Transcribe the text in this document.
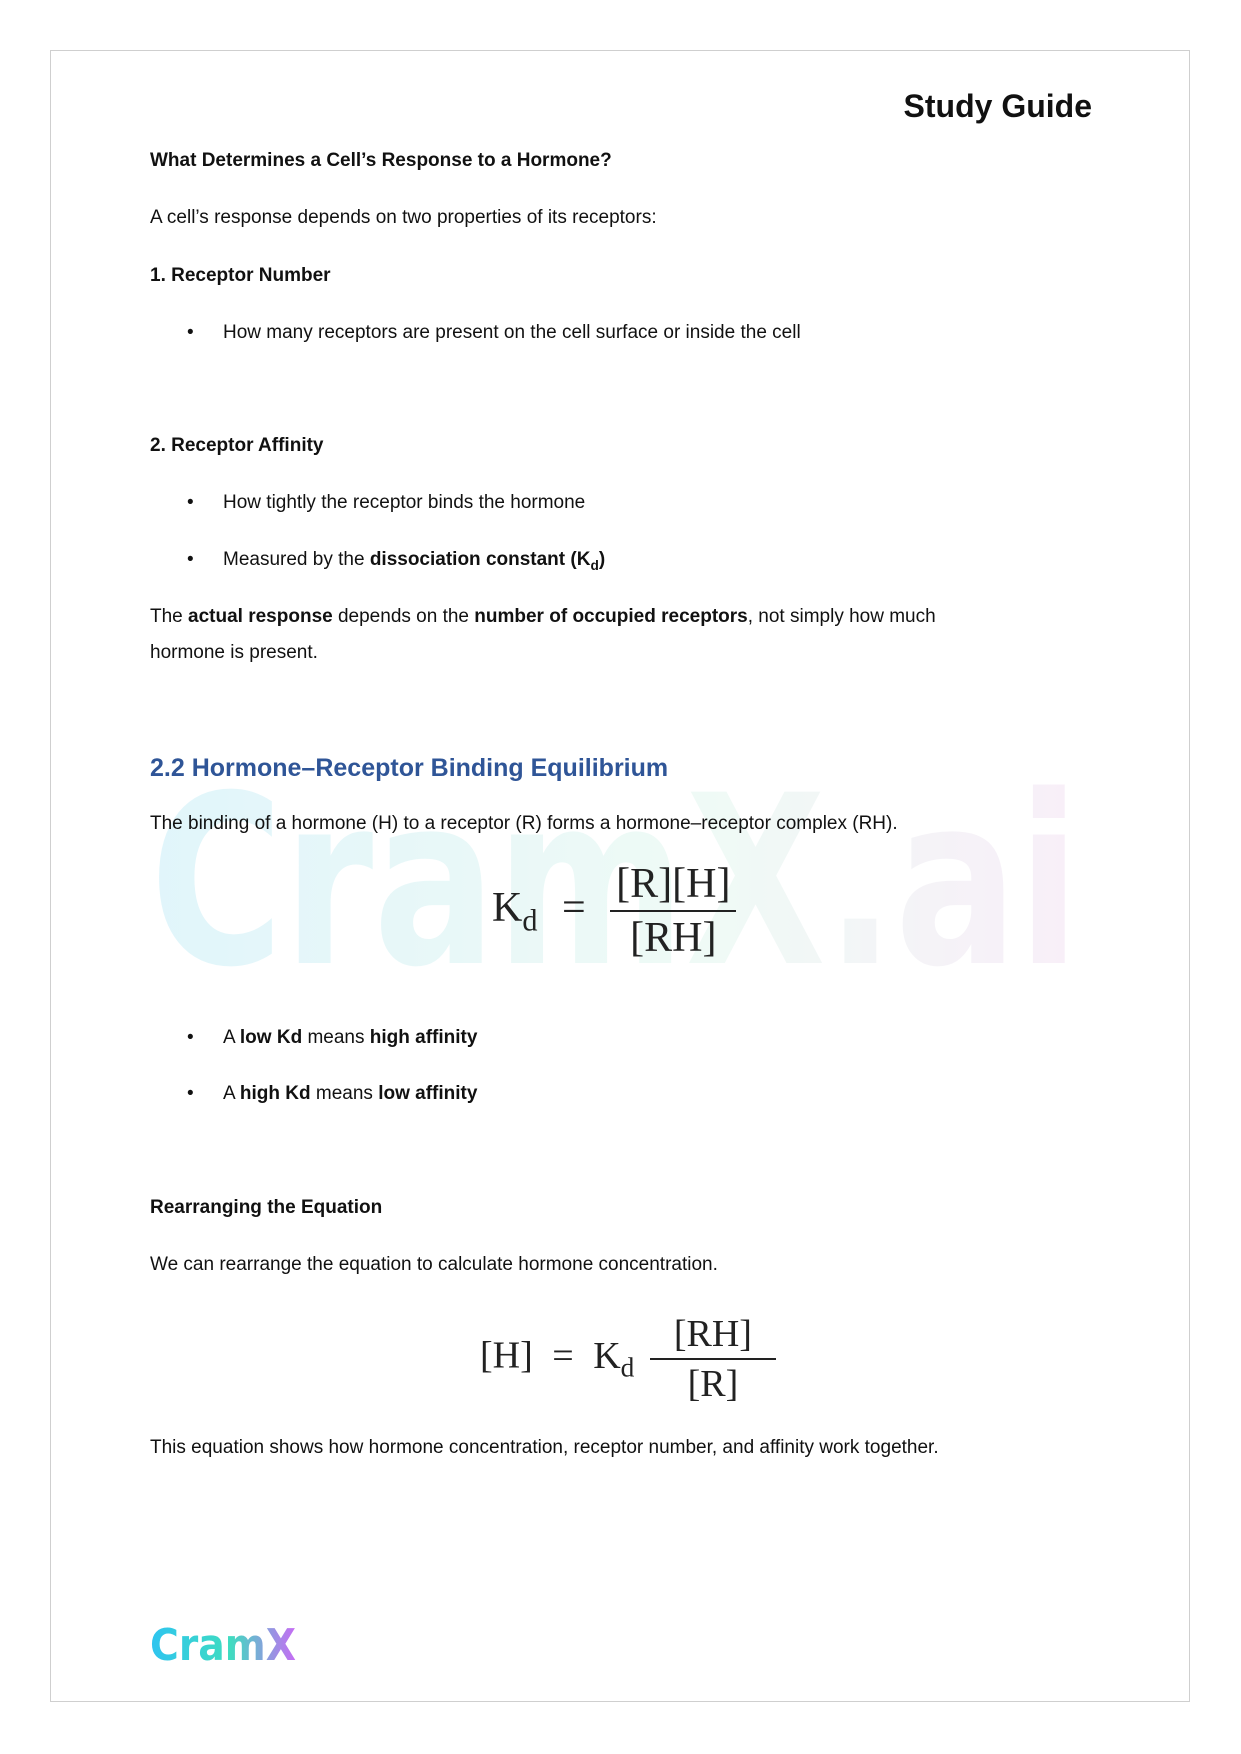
CramX.ai
Study Guide
What Determines a Cell’s Response to a Hormone?
A cell’s response depends on two properties of its receptors:
1. Receptor Number
• How many receptors are present on the cell surface or inside the cell
2. Receptor Affinity
• How tightly the receptor binds the hormone
• Measured by the dissociation constant $(K_d)$
The actual response depends on the number of occupied receptors, not simply how much
hormone is present.
2.2 Hormone–Receptor Binding Equilibrium
The binding of a hormone (H) to a receptor (R) forms a hormone–receptor complex (RH).
$K_d = \frac{[R][H]}{[RH]}$
• A low Kd means high affinity
• A high Kd means low affinity
Rearranging the Equation
We can rearrange the equation to calculate hormone concentration.
$[H] = K_d \frac{[RH]}{[R]}$
This equation shows how hormone concentration, receptor number, and affinity work together.
CramX
